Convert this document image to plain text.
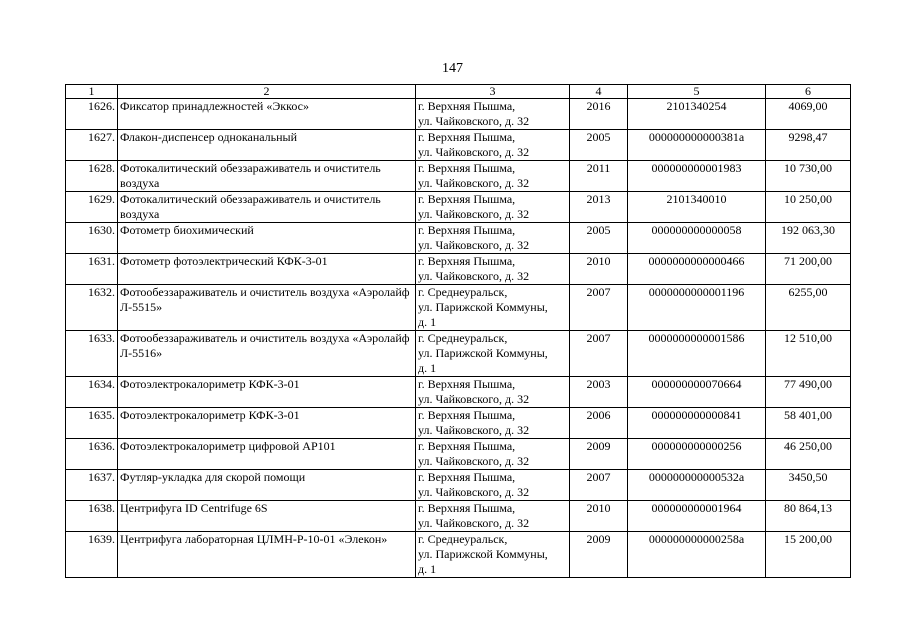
147
1	2	3	4	5	6
1626.	Фиксатор принадлежностей «Эккос»	г. Верхняя Пышма,
ул. Чайковского, д. 32	2016	2101340254	4069,00
1627.	Флакон-диспенсер одноканальный	г. Верхняя Пышма,
ул. Чайковского, д. 32	2005	000000000000381а	9298,47
1628.	Фотокалитический обеззараживатель и очиститель воздуха	г. Верхняя Пышма,
ул. Чайковского, д. 32	2011	000000000001983	10 730,00
1629.	Фотокалитический обеззараживатель и очиститель воздуха	г. Верхняя Пышма,
ул. Чайковского, д. 32	2013	2101340010	10 250,00
1630.	Фотометр биохимический	г. Верхняя Пышма,
ул. Чайковского, д. 32	2005	000000000000058	192 063,30
1631.	Фотометр фотоэлектрический КФК-3-01	г. Верхняя Пышма,
ул. Чайковского, д. 32	2010	0000000000000466	71 200,00
1632.	Фотообеззараживатель и очиститель воздуха «Аэролайф Л-5515»	г. Среднеуральск,
ул. Парижской Коммуны,
д. 1	2007	0000000000001196	6255,00
1633.	Фотообеззараживатель и очиститель воздуха «Аэролайф Л-5516»	г. Среднеуральск,
ул. Парижской Коммуны,
д. 1	2007	0000000000001586	12 510,00
1634.	Фотоэлектрокалориметр КФК-3-01	г. Верхняя Пышма,
ул. Чайковского, д. 32	2003	000000000070664	77 490,00
1635.	Фотоэлектрокалориметр КФК-3-01	г. Верхняя Пышма,
ул. Чайковского, д. 32	2006	000000000000841	58 401,00
1636.	Фотоэлектрокалориметр цифровой АР101	г. Верхняя Пышма,
ул. Чайковского, д. 32	2009	000000000000256	46 250,00
1637.	Футляр-укладка для скорой помощи	г. Верхняя Пышма,
ул. Чайковского, д. 32	2007	000000000000532а	3450,50
1638.	Центрифуга ID Centrifuge 6S	г. Верхняя Пышма,
ул. Чайковского, д. 32	2010	000000000001964	80 864,13
1639.	Центрифуга лабораторная ЦЛМН-Р-10-01 «Элекон»	г. Среднеуральск,
ул. Парижской Коммуны,
д. 1	2009	000000000000258а	15 200,00
